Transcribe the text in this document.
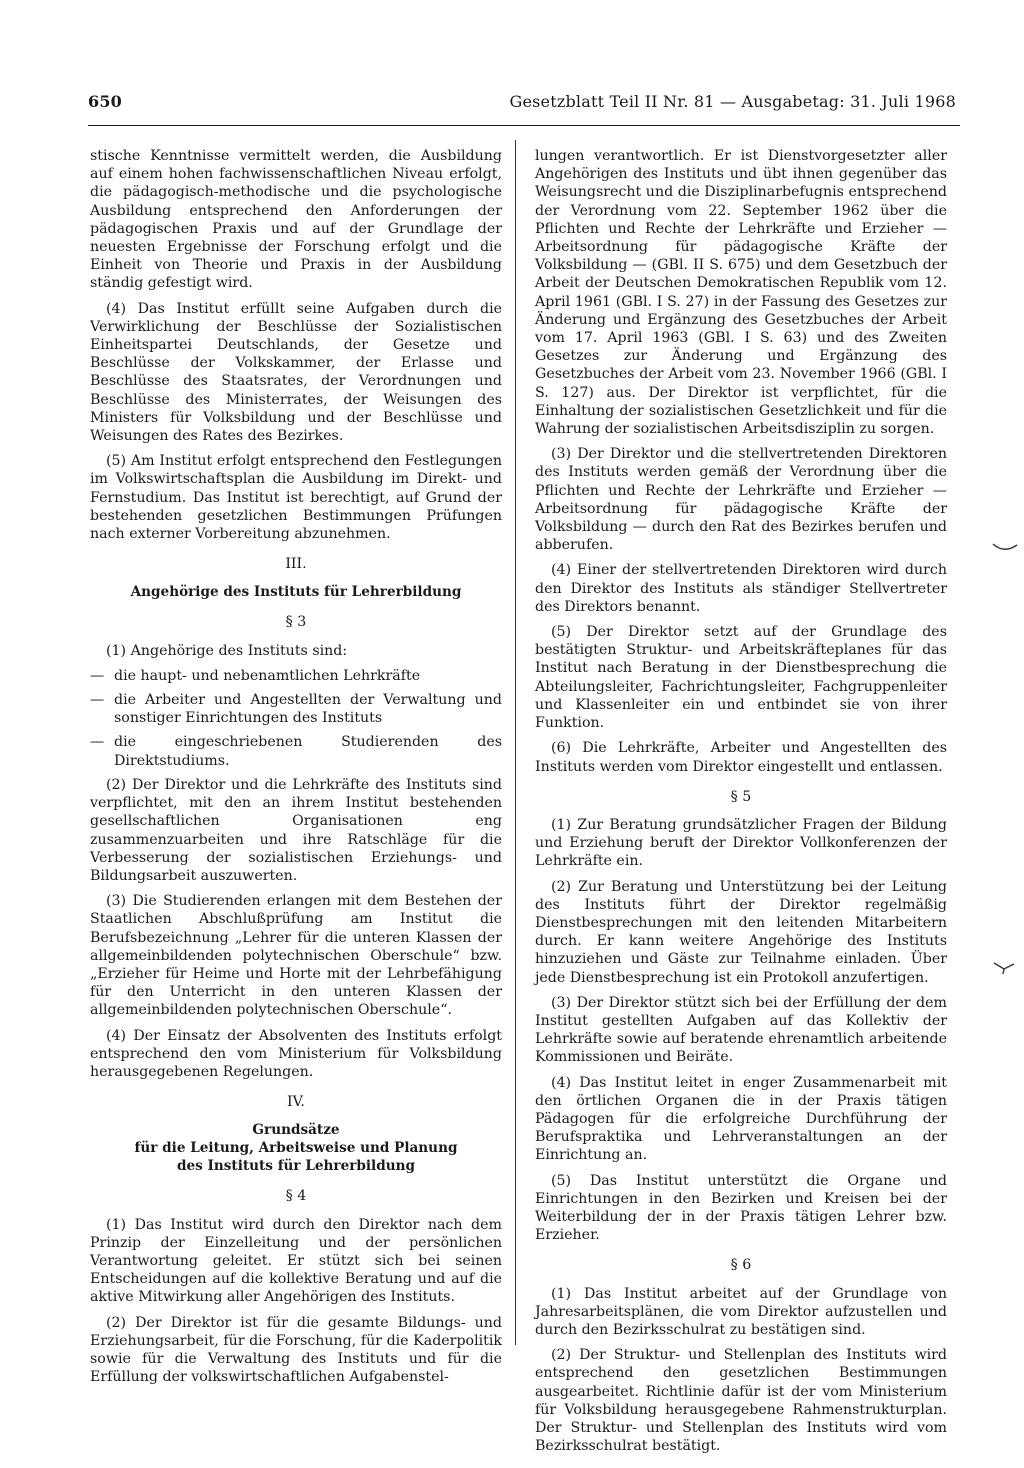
650	Gesetzblatt Teil II Nr. 81 — Ausgabetag: 31. Juli 1968

stische Kenntnisse vermittelt werden, die Ausbildung auf einem hohen fachwissenschaftlichen Niveau erfolgt, die pädagogisch-methodische und die psychologische Ausbildung entsprechend den Anforderungen der pädagogischen Praxis und auf der Grundlage der neuesten Ergebnisse der Forschung erfolgt und die Einheit von Theorie und Praxis in der Ausbildung ständig gefestigt wird.

(4) Das Institut erfüllt seine Aufgaben durch die Verwirklichung der Beschlüsse der Sozialistischen Einheitspartei Deutschlands, der Gesetze und Beschlüsse der Volkskammer, der Erlasse und Beschlüsse des Staatsrates, der Verordnungen und Beschlüsse des Ministerrates, der Weisungen des Ministers für Volksbildung und der Beschlüsse und Weisungen des Rates des Bezirkes.

(5) Am Institut erfolgt entsprechend den Festlegungen im Volkswirtschaftsplan die Ausbildung im Direkt- und Fernstudium. Das Institut ist berechtigt, auf Grund der bestehenden gesetzlichen Bestimmungen Prüfungen nach externer Vorbereitung abzunehmen.

III.
Angehörige des Instituts für Lehrerbildung
§ 3

(1) Angehörige des Instituts sind:

— die haupt- und nebenamtlichen Lehrkräfte
— die Arbeiter und Angestellten der Verwaltung und sonstiger Einrichtungen des Instituts
— die eingeschriebenen Studierenden des Direktstudiums.

(2) Der Direktor und die Lehrkräfte des Instituts sind verpflichtet, mit den an ihrem Institut bestehenden gesellschaftlichen Organisationen eng zusammenzuarbeiten und ihre Ratschläge für die Verbesserung der sozialistischen Erziehungs- und Bildungsarbeit auszuwerten.

(3) Die Studierenden erlangen mit dem Bestehen der Staatlichen Abschlußprüfung am Institut die Berufsbezeichnung „Lehrer für die unteren Klassen der allgemeinbildenden polytechnischen Oberschule“ bzw. „Erzieher für Heime und Horte mit der Lehrbefähigung für den Unterricht in den unteren Klassen der allgemeinbildenden polytechnischen Oberschule“.

(4) Der Einsatz der Absolventen des Instituts erfolgt entsprechend den vom Ministerium für Volksbildung herausgegebenen Regelungen.

IV.
Grundsätze
für die Leitung, Arbeitsweise und Planung
des Instituts für Lehrerbildung
§ 4

(1) Das Institut wird durch den Direktor nach dem Prinzip der Einzelleitung und der persönlichen Verantwortung geleitet. Er stützt sich bei seinen Entscheidungen auf die kollektive Beratung und auf die aktive Mitwirkung aller Angehörigen des Instituts.

(2) Der Direktor ist für die gesamte Bildungs- und Erziehungsarbeit, für die Forschung, für die Kaderpolitik sowie für die Verwaltung des Instituts und für die Erfüllung der volkswirtschaftlichen Aufgabenstel-

lungen verantwortlich. Er ist Dienstvorgesetzter aller Angehörigen des Instituts und übt ihnen gegenüber das Weisungsrecht und die Disziplinarbefugnis entsprechend der Verordnung vom 22. September 1962 über die Pflichten und Rechte der Lehrkräfte und Erzieher — Arbeitsordnung für pädagogische Kräfte der Volksbildung — (GBl. II S. 675) und dem Gesetzbuch der Arbeit der Deutschen Demokratischen Republik vom 12. April 1961 (GBl. I S. 27) in der Fassung des Gesetzes zur Änderung und Ergänzung des Gesetzbuches der Arbeit vom 17. April 1963 (GBl. I S. 63) und des Zweiten Gesetzes zur Änderung und Ergänzung des Gesetzbuches der Arbeit vom 23. November 1966 (GBl. I S. 127) aus. Der Direktor ist verpflichtet, für die Einhaltung der sozialistischen Gesetzlichkeit und für die Wahrung der sozialistischen Arbeitsdisziplin zu sorgen.

(3) Der Direktor und die stellvertretenden Direktoren des Instituts werden gemäß der Verordnung über die Pflichten und Rechte der Lehrkräfte und Erzieher — Arbeitsordnung für pädagogische Kräfte der Volksbildung — durch den Rat des Bezirkes berufen und abberufen.

(4) Einer der stellvertretenden Direktoren wird durch den Direktor des Instituts als ständiger Stellvertreter des Direktors benannt.

(5) Der Direktor setzt auf der Grundlage des bestätigten Struktur- und Arbeitskräfteplanes für das Institut nach Beratung in der Dienstbesprechung die Abteilungsleiter, Fachrichtungsleiter, Fachgruppenleiter und Klassenleiter ein und entbindet sie von ihrer Funktion.

(6) Die Lehrkräfte, Arbeiter und Angestellten des Instituts werden vom Direktor eingestellt und entlassen.

§ 5

(1) Zur Beratung grundsätzlicher Fragen der Bildung und Erziehung beruft der Direktor Vollkonferenzen der Lehrkräfte ein.

(2) Zur Beratung und Unterstützung bei der Leitung des Instituts führt der Direktor regelmäßig Dienstbesprechungen mit den leitenden Mitarbeitern durch. Er kann weitere Angehörige des Instituts hinzuziehen und Gäste zur Teilnahme einladen. Über jede Dienstbesprechung ist ein Protokoll anzufertigen.

(3) Der Direktor stützt sich bei der Erfüllung der dem Institut gestellten Aufgaben auf das Kollektiv der Lehrkräfte sowie auf beratende ehrenamtlich arbeitende Kommissionen und Beiräte.

(4) Das Institut leitet in enger Zusammenarbeit mit den örtlichen Organen die in der Praxis tätigen Pädagogen für die erfolgreiche Durchführung der Berufspraktika und Lehrveranstaltungen an der Einrichtung an.

(5) Das Institut unterstützt die Organe und Einrichtungen in den Bezirken und Kreisen bei der Weiterbildung der in der Praxis tätigen Lehrer bzw. Erzieher.

§ 6

(1) Das Institut arbeitet auf der Grundlage von Jahresarbeitsplänen, die vom Direktor aufzustellen und durch den Bezirksschulrat zu bestätigen sind.

(2) Der Struktur- und Stellenplan des Instituts wird entsprechend den gesetzlichen Bestimmungen ausgearbeitet. Richtlinie dafür ist der vom Ministerium für Volksbildung herausgegebene Rahmenstrukturplan. Der Struktur- und Stellenplan des Instituts wird vom Bezirksschulrat bestätigt.
